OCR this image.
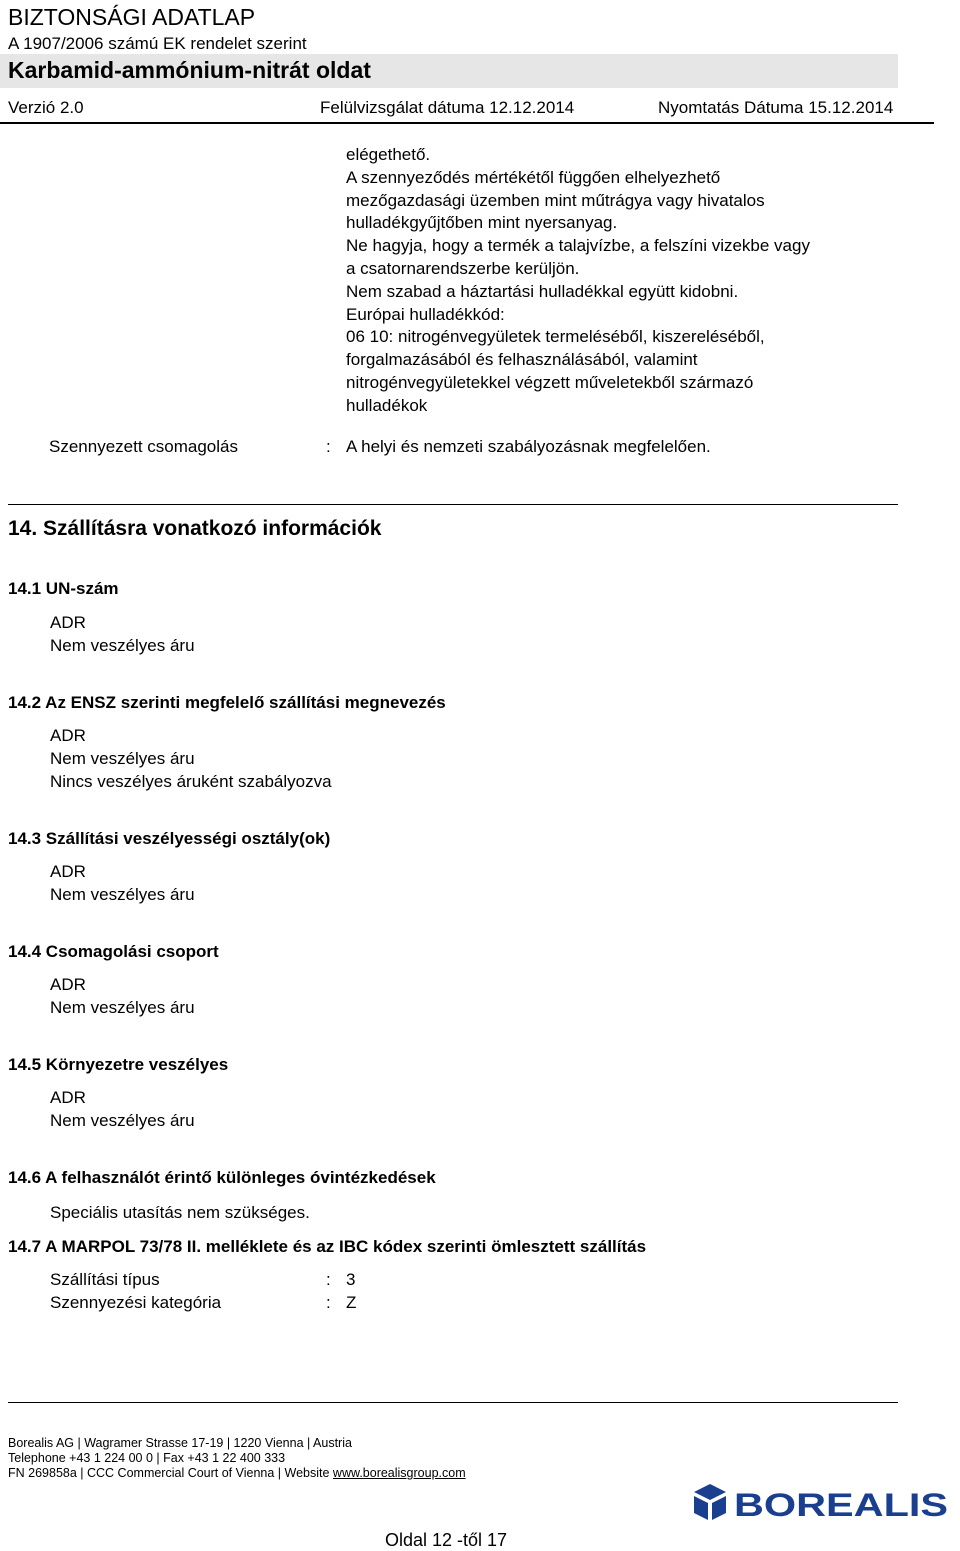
BIZTONSÁGI ADATLAP
A 1907/2006 számú EK rendelet szerint
Karbamid-ammónium-nitrát oldat
Verzió 2.0	Felülvizsgálat dátuma 12.12.2014	Nyomtatás Dátuma 15.12.2014
elégethető.
A szennyeződés mértékétől függően elhelyezhető
mezőgazdasági üzemben mint műtrágya vagy hivatalos
hulladékgyűjtőben mint nyersanyag.
Ne hagyja, hogy a termék a talajvízbe, a felszíni vizekbe vagy
a csatornarendszerbe kerüljön.
Nem szabad a háztartási hulladékkal együtt kidobni.
Európai hulladékkód:
06 10: nitrogénvegyületek termeléséből, kiszereléséből,
forgalmazásából és felhasználásából, valamint
nitrogénvegyületekkel végzett műveletekből származó
hulladékok
Szennyezett csomagolás	: A helyi és nemzeti szabályozásnak megfelelően.
14. Szállításra vonatkozó információk
14.1 UN-szám
ADR
Nem veszélyes áru
14.2 Az ENSZ szerinti megfelelő szállítási megnevezés
ADR
Nem veszélyes áru
Nincs veszélyes áruként szabályozva
14.3 Szállítási veszélyességi osztály(ok)
ADR
Nem veszélyes áru
14.4 Csomagolási csoport
ADR
Nem veszélyes áru
14.5 Környezetre veszélyes
ADR
Nem veszélyes áru
14.6 A felhasználót érintő különleges óvintézkedések
Speciális utasítás nem szükséges.
14.7 A MARPOL 73/78 II. melléklete és az IBC kódex szerinti ömlesztett szállítás
Szállítási típus	: 3
Szennyezési kategória	: Z
Borealis AG | Wagramer Strasse 17-19 | 1220 Vienna | Austria
Telephone +43 1 224 00 0 | Fax +43 1 22 400 333
FN 269858a | CCC Commercial Court of Vienna | Website www.borealisgroup.com
BOREALIS
Oldal 12 -től 17
